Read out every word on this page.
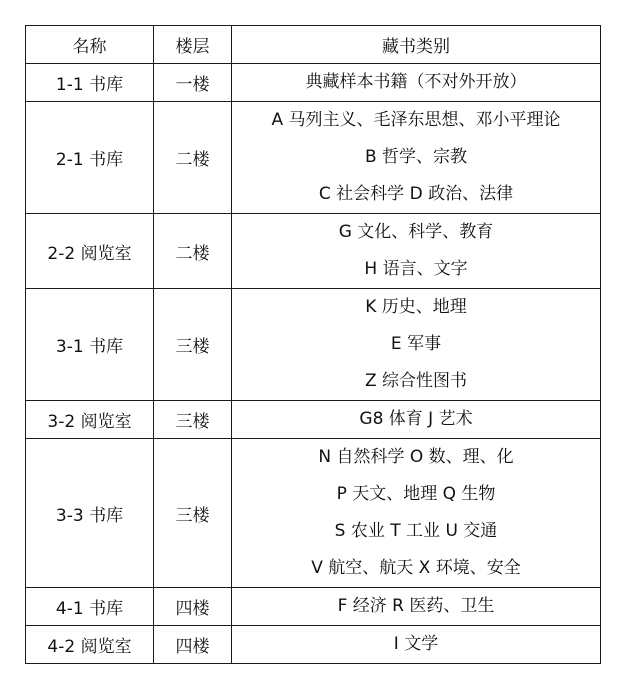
名称	楼层	藏书类别
1-1 书库	一楼	典藏样本书籍（不对外开放）

2-1 书库	二楼	A 马列主义、毛泽东思想、邓小平理论
B 哲学、宗教
C 社会科学 D 政治、法律

2-2 阅览室	二楼	G 文化、科学、教育
H 语言、文字

3-1 书库	三楼	K 历史、地理
E 军事
Z 综合性图书

3-2 阅览室	三楼	G8 体育 J 艺术

3-3 书库	三楼	N 自然科学 O 数、理、化
P 天文、地理 Q 生物
S 农业 T 工业 U 交通
V 航空、航天 X 环境、安全

4-1 书库	四楼	F 经济 R 医药、卫生

4-2 阅览室	四楼	I 文学
